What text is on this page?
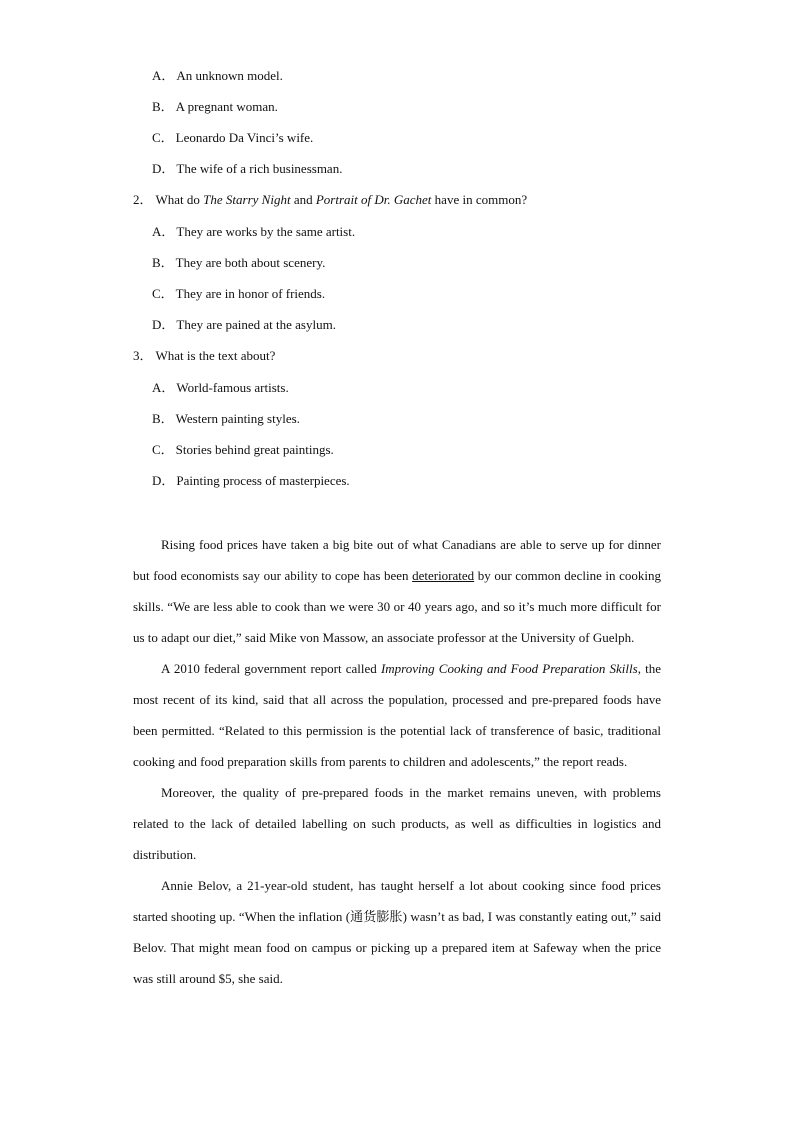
A． An unknown model.
B． A pregnant woman.
C． Leonardo Da Vinci’s wife.
D． The wife of a rich businessman.
2． What do The Starry Night and Portrait of Dr. Gachet have in common?
A． They are works by the same artist.
B． They are both about scenery.
C． They are in honor of friends.
D． They are pained at the asylum.
3． What is the text about?
A． World-famous artists.
B． Western painting styles.
C． Stories behind great paintings.
D． Painting process of masterpieces.

Rising food prices have taken a big bite out of what Canadians are able to serve up for dinner but food economists say our ability to cope has been deteriorated by our common decline in cooking skills. “We are less able to cook than we were 30 or 40 years ago, and so it’s much more difficult for us to adapt our diet,” said Mike von Massow, an associate professor at the University of Guelph.

A 2010 federal government report called Improving Cooking and Food Preparation Skills, the most recent of its kind, said that all across the population, processed and pre-prepared foods have been permitted. “Related to this permission is the potential lack of transference of basic, traditional cooking and food preparation skills from parents to children and adolescents,” the report reads.

Moreover, the quality of pre-prepared foods in the market remains uneven, with problems related to the lack of detailed labelling on such products, as well as difficulties in logistics and distribution.

Annie Belov, a 21-year-old student, has taught herself a lot about cooking since food prices started shooting up. “When the inflation (通货膨胀) wasn’t as bad, I was constantly eating out,” said Belov. That might mean food on campus or picking up a prepared item at Safeway when the price was still around $5, she said.
